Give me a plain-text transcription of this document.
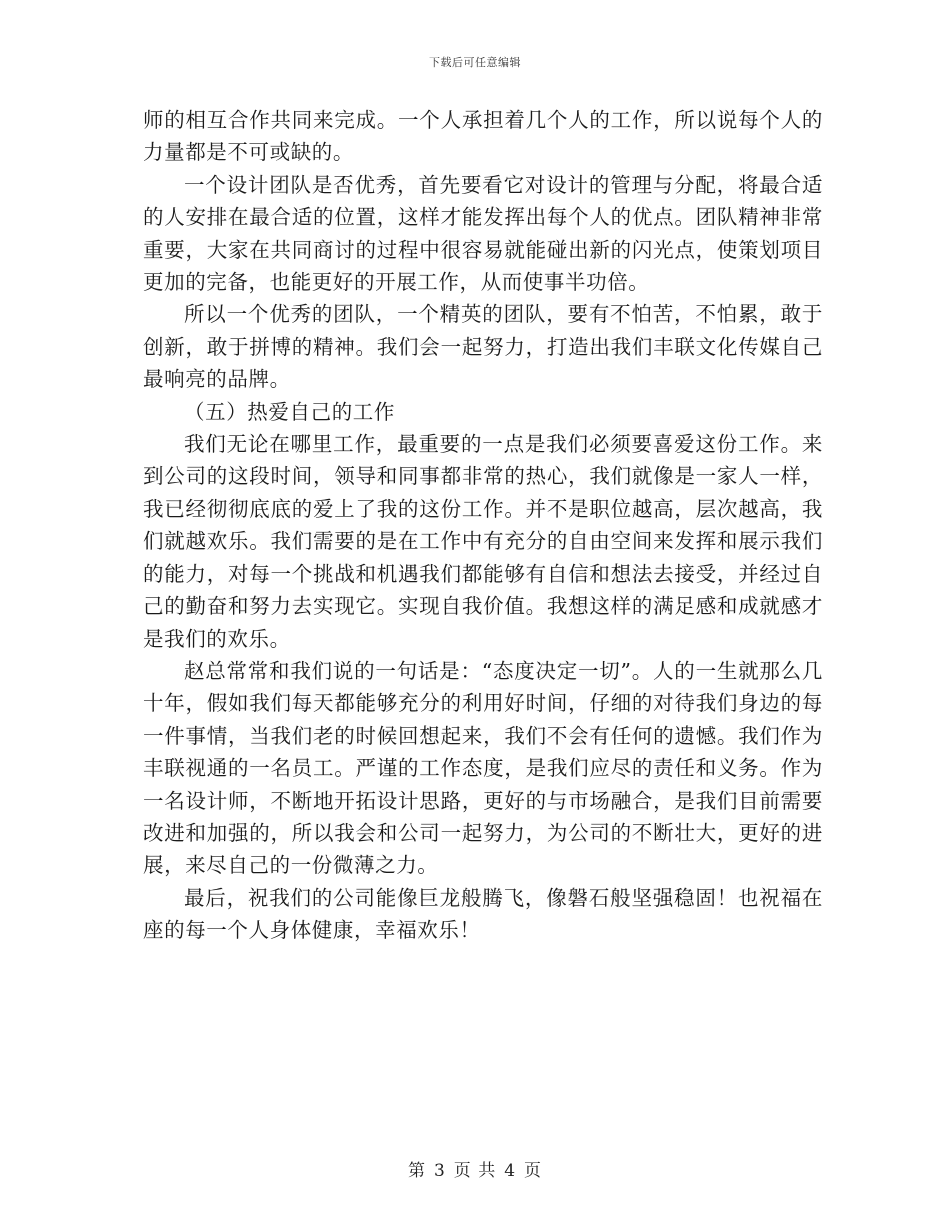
下载后可任意编辑

师的相互合作共同来完成。一个人承担着几个人的工作，所以说每个人的力量都是不可或缺的。

一个设计团队是否优秀，首先要看它对设计的管理与分配，将最合适的人安排在最合适的位置，这样才能发挥出每个人的优点。团队精神非常重要，大家在共同商讨的过程中很容易就能碰出新的闪光点，使策划项目更加的完备，也能更好的开展工作，从而使事半功倍。

所以一个优秀的团队，一个精英的团队，要有不怕苦，不怕累，敢于创新，敢于拼博的精神。我们会一起努力，打造出我们丰联文化传媒自己最响亮的品牌。

（五）热爱自己的工作

我们无论在哪里工作，最重要的一点是我们必须要喜爱这份工作。来到公司的这段时间，领导和同事都非常的热心，我们就像是一家人一样，我已经彻彻底底的爱上了我的这份工作。并不是职位越高，层次越高，我们就越欢乐。我们需要的是在工作中有充分的自由空间来发挥和展示我们的能力，对每一个挑战和机遇我们都能够有自信和想法去接受，并经过自己的勤奋和努力去实现它。实现自我价值。我想这样的满足感和成就感才是我们的欢乐。

赵总常常和我们说的一句话是：“态度决定一切”。人的一生就那么几十年，假如我们每天都能够充分的利用好时间，仔细的对待我们身边的每一件事情，当我们老的时候回想起来，我们不会有任何的遗憾。我们作为丰联视通的一名员工。严谨的工作态度，是我们应尽的责任和义务。作为一名设计师，不断地开拓设计思路，更好的与市场融合，是我们目前需要改进和加强的，所以我会和公司一起努力，为公司的不断壮大，更好的进展，来尽自己的一份微薄之力。

最后，祝我们的公司能像巨龙般腾飞，像磐石般坚强稳固！也祝福在座的每一个人身体健康，幸福欢乐！

第 3 页 共 4 页
